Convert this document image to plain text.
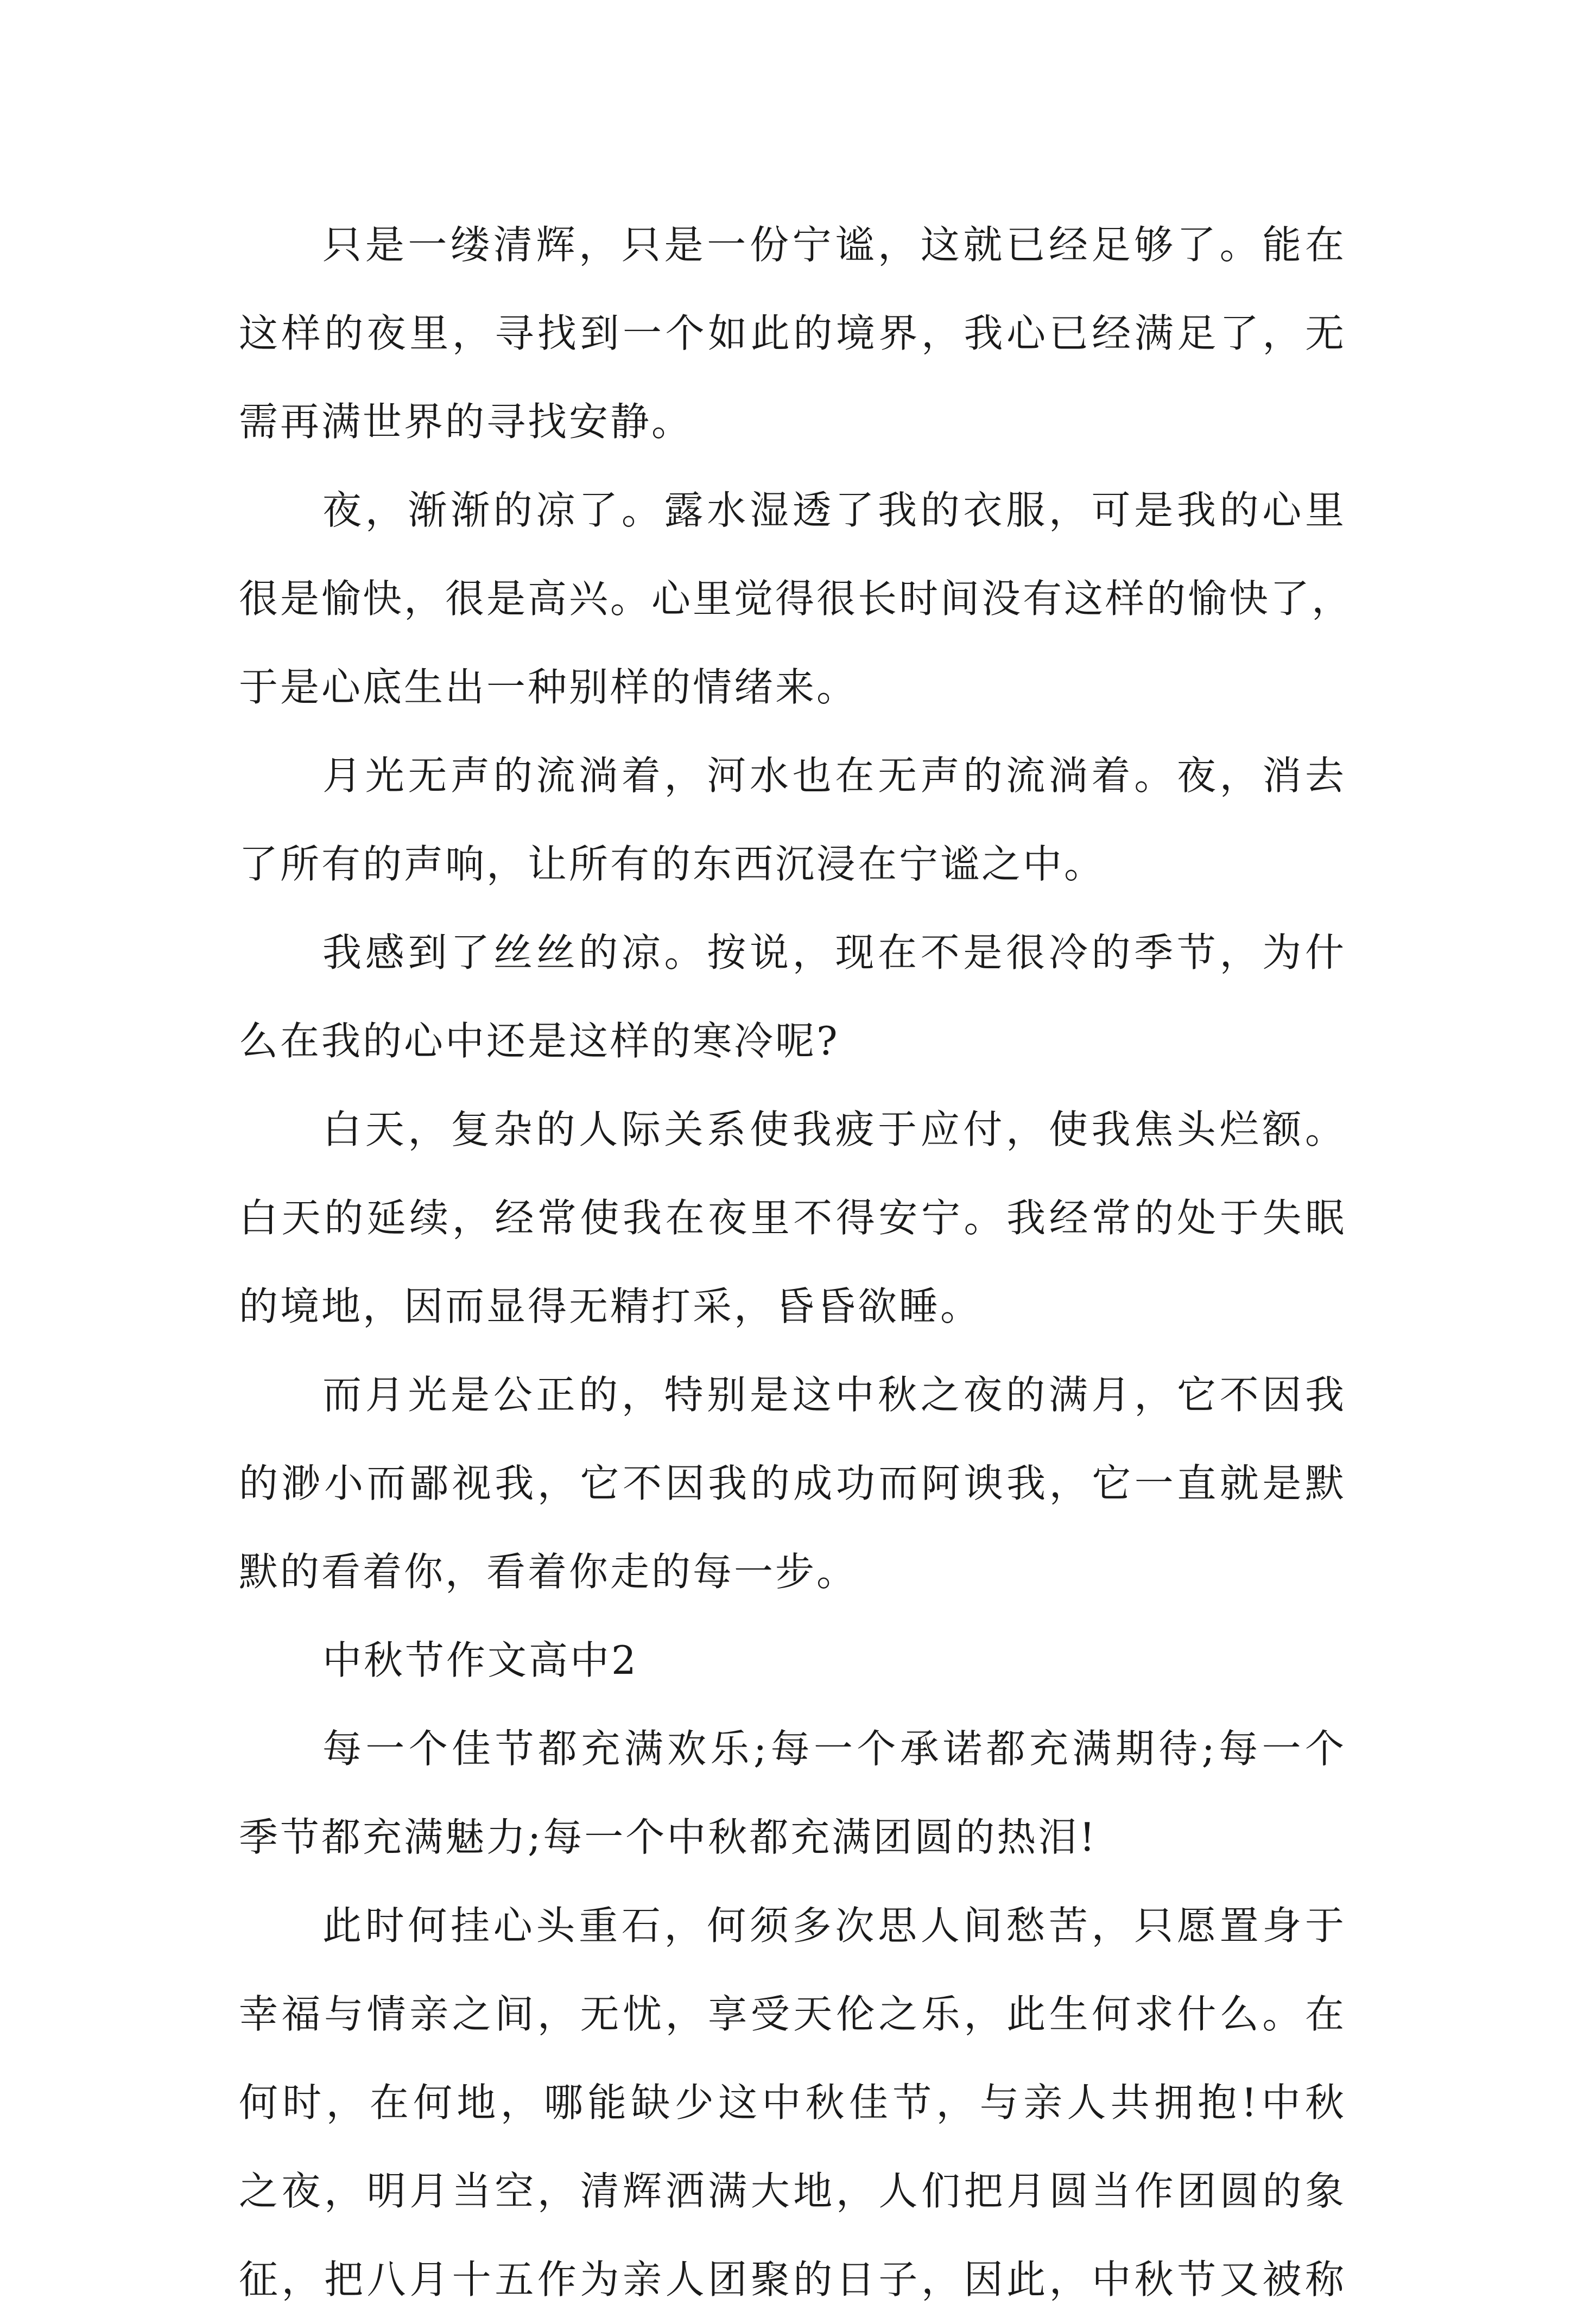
只是一缕清辉，只是一份宁谧，这就已经足够了。能在
这样的夜里，寻找到一个如此的境界，我心已经满足了，无
需再满世界的寻找安静。
夜，渐渐的凉了。露水湿透了我的衣服，可是我的心里
很是愉快，很是高兴。心里觉得很长时间没有这样的愉快了，
于是心底生出一种别样的情绪来。
月光无声的流淌着，河水也在无声的流淌着。夜，消去
了所有的声响，让所有的东西沉浸在宁谧之中。
我感到了丝丝的凉。按说，现在不是很冷的季节，为什
么在我的心中还是这样的寒冷呢?
白天，复杂的人际关系使我疲于应付，使我焦头烂额。
白天的延续，经常使我在夜里不得安宁。我经常的处于失眠
的境地，因而显得无精打采，昏昏欲睡。
而月光是公正的，特别是这中秋之夜的满月，它不因我
的渺小而鄙视我，它不因我的成功而阿谀我，它一直就是默
默的看着你，看着你走的每一步。
中秋节作文高中2
每一个佳节都充满欢乐;每一个承诺都充满期待;每一个
季节都充满魅力;每一个中秋都充满团圆的热泪!
此时何挂心头重石，何须多次思人间愁苦，只愿置身于
幸福与情亲之间，无忧，享受天伦之乐，此生何求什么。在
何时，在何地，哪能缺少这中秋佳节，与亲人共拥抱!中秋
之夜，明月当空，清辉洒满大地，人们把月圆当作团圆的象
征，把八月十五作为亲人团聚的日子，因此，中秋节又被称
